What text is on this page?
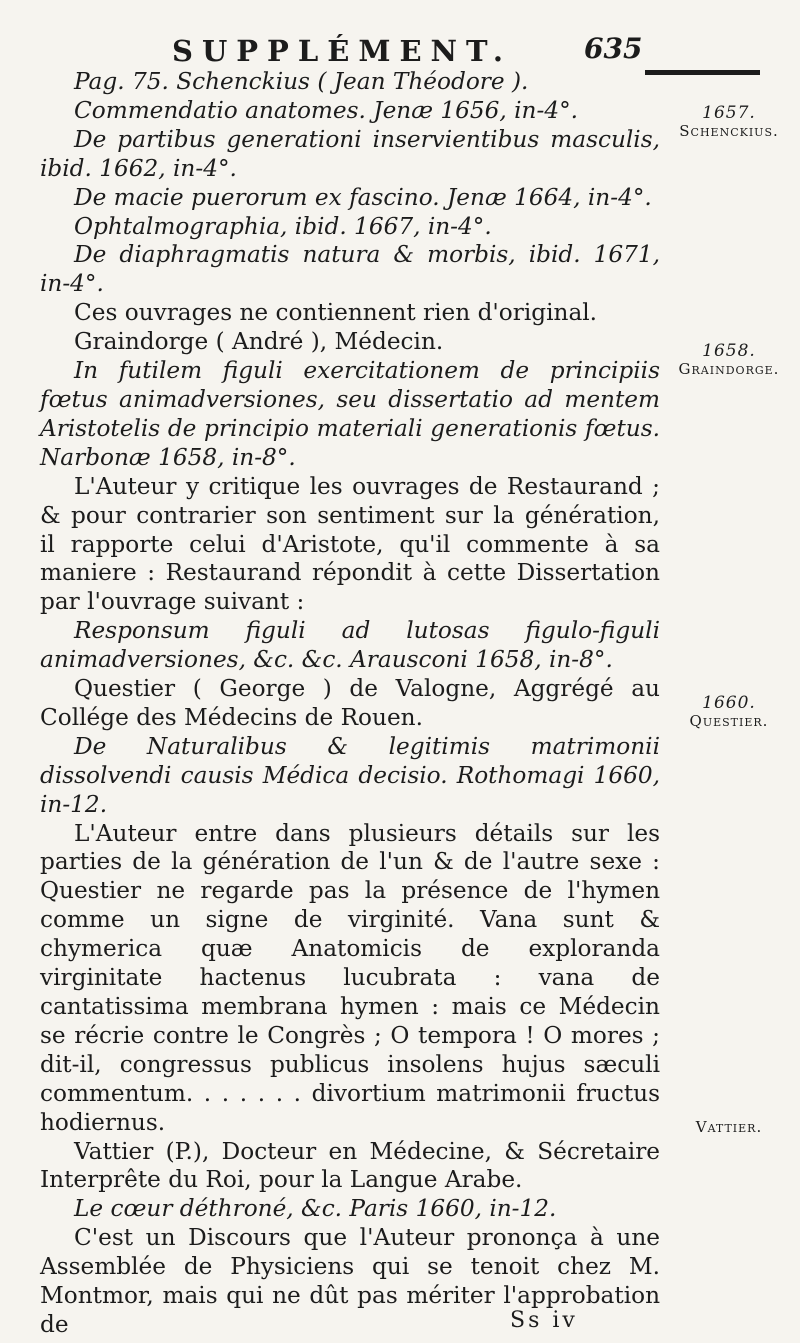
SUPPLÉMENT.	635

Pag. 75. Schenckius ( Jean Théodore ).

Commendatio anatomes. Jenæ 1656, in-4°.

De partibus generationi inservientibus masculis, ibid. 1662, in-4°.

De macie puerorum ex fascino. Jenæ 1664, in-4°.

Ophtalmographia, ibid. 1667, in-4°.

De diaphragmatis natura & morbis, ibid. 1671, in-4°.

Ces ouvrages ne contiennent rien d'original.

Graindorge ( André ), Médecin.

In futilem figuli exercitationem de principiis fœtus animadversiones, seu dissertatio ad mentem Aristotelis de principio materiali generationis fœtus. Narbonæ 1658, in-8°.

L'Auteur y critique les ouvrages de Restaurand ; & pour contrarier son sentiment sur la génération, il rapporte celui d'Aristote, qu'il commente à sa maniere : Restaurand répondit à cette Dissertation par l'ouvrage suivant :

Responsum figuli ad lutosas figulo-figuli animadversiones, &c. &c. Arausconi 1658, in-8°.

Questier ( George ) de Valogne, Aggrégé au Collége des Médecins de Rouen.

De Naturalibus & legitimis matrimonii dissolvendi causis Médica decisio. Rothomagi 1660, in-12.

L'Auteur entre dans plusieurs détails sur les parties de la génération de l'un & de l'autre sexe : Questier ne regarde pas la présence de l'hymen comme un signe de virginité. Vana sunt & chymerica quæ Anatomicis de exploranda virginitate hactenus lucubrata : vana de cantatissima membrana hymen : mais ce Médecin se récrie contre le Congrès ; O tempora ! O mores ; dit-il, congressus publicus insolens hujus sæculi commentum. . . . . . . divortium matrimonii fructus hodiernus.

Vattier (P.), Docteur en Médecine, & Sécretaire Interprête du Roi, pour la Langue Arabe.

Le cœur déthroné, &c. Paris 1660, in-12.

C'est un Discours que l'Auteur prononça à une Assemblée de Physiciens qui se tenoit chez M. Montmor, mais qui ne dût pas mériter l'approbation de

1657.
Schenckius.
1658.
Graindorge.
1660.
Questier.
Vattier.
Ss iv
